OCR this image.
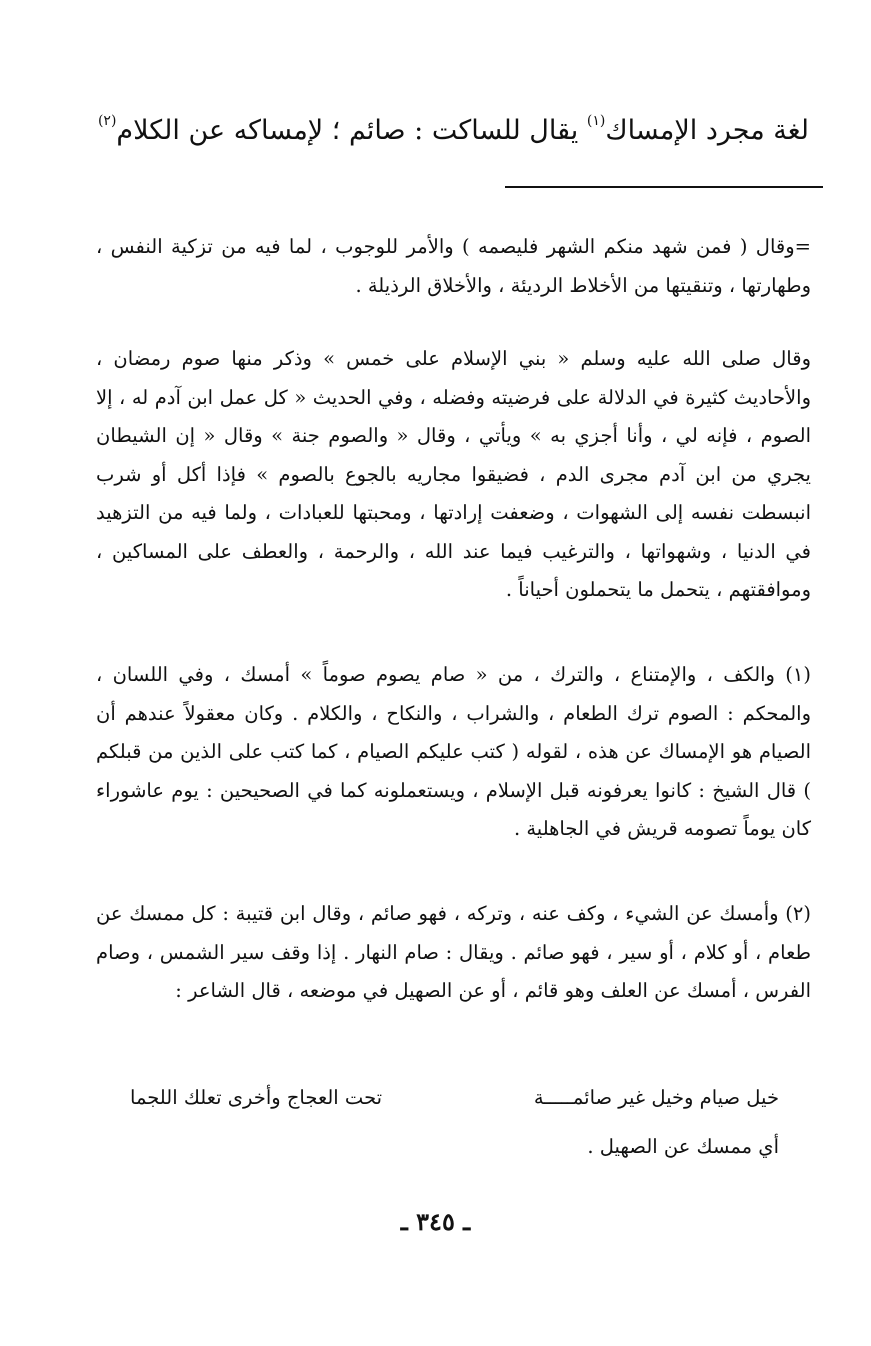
لغة مجرد الإمساك$^{(١)}$ يقال للساكت : صائم ؛ لإمساكه عن الكلام$^{(٢)}$

=وقال ( فمن شهد منكم الشهر فليصمه ) والأمر للوجوب ، لما فيه من تزكية النفس ، وطهارتها ، وتنقيتها من الأخلاط الرديئة ، والأخلاق الرذيلة .

وقال صلى الله عليه وسلم « بني الإسلام على خمس » وذكر منها صوم رمضان ، والأحاديث كثيرة في الدلالة على فرضيته وفضله ، وفي الحديث « كل عمل ابن آدم له ، إلا الصوم ، فإنه لي ، وأنا أجزي به » ويأتي ، وقال « والصوم جنة » وقال « إن الشيطان يجري من ابن آدم مجرى الدم ، فضيقوا مجاريه بالجوع بالصوم » فإذا أكل أو شرب انبسطت نفسه إلى الشهوات ، وضعفت إرادتها ، ومحبتها للعبادات ، ولما فيه من التزهيد في الدنيا ، وشهواتها ، والترغيب فيما عند الله ، والرحمة ، والعطف على المساكين ، وموافقتهم ، يتحمل ما يتحملون أحياناً .

(١) والكف ، والإمتناع ، والترك ، من « صام يصوم صوماً » أمسك ، وفي اللسان ، والمحكم : الصوم ترك الطعام ، والشراب ، والنكاح ، والكلام . وكان معقولاً عندهم أن الصيام هو الإمساك عن هذه ، لقوله ( كتب عليكم الصيام ، كما كتب على الذين من قبلكم ) قال الشيخ : كانوا يعرفونه قبل الإسلام ، ويستعملونه كما في الصحيحين : يوم عاشوراء كان يوماً تصومه قريش في الجاهلية .

(٢) وأمسك عن الشيء ، وكف عنه ، وتركه ، فهو صائم ، وقال ابن قتيبة : كل ممسك عن طعام ، أو كلام ، أو سير ، فهو صائم . ويقال : صام النهار . إذا وقف سير الشمس ، وصام الفرس ، أمسك عن العلف وهو قائم ، أو عن الصهيل في موضعه ، قال الشاعر :

خيل صيام وخيل غير صائمـــــة
تحت العجاج وأخرى تعلك اللجما
أي ممسك عن الصهيل .
ـ ٣٤٥ ـ
